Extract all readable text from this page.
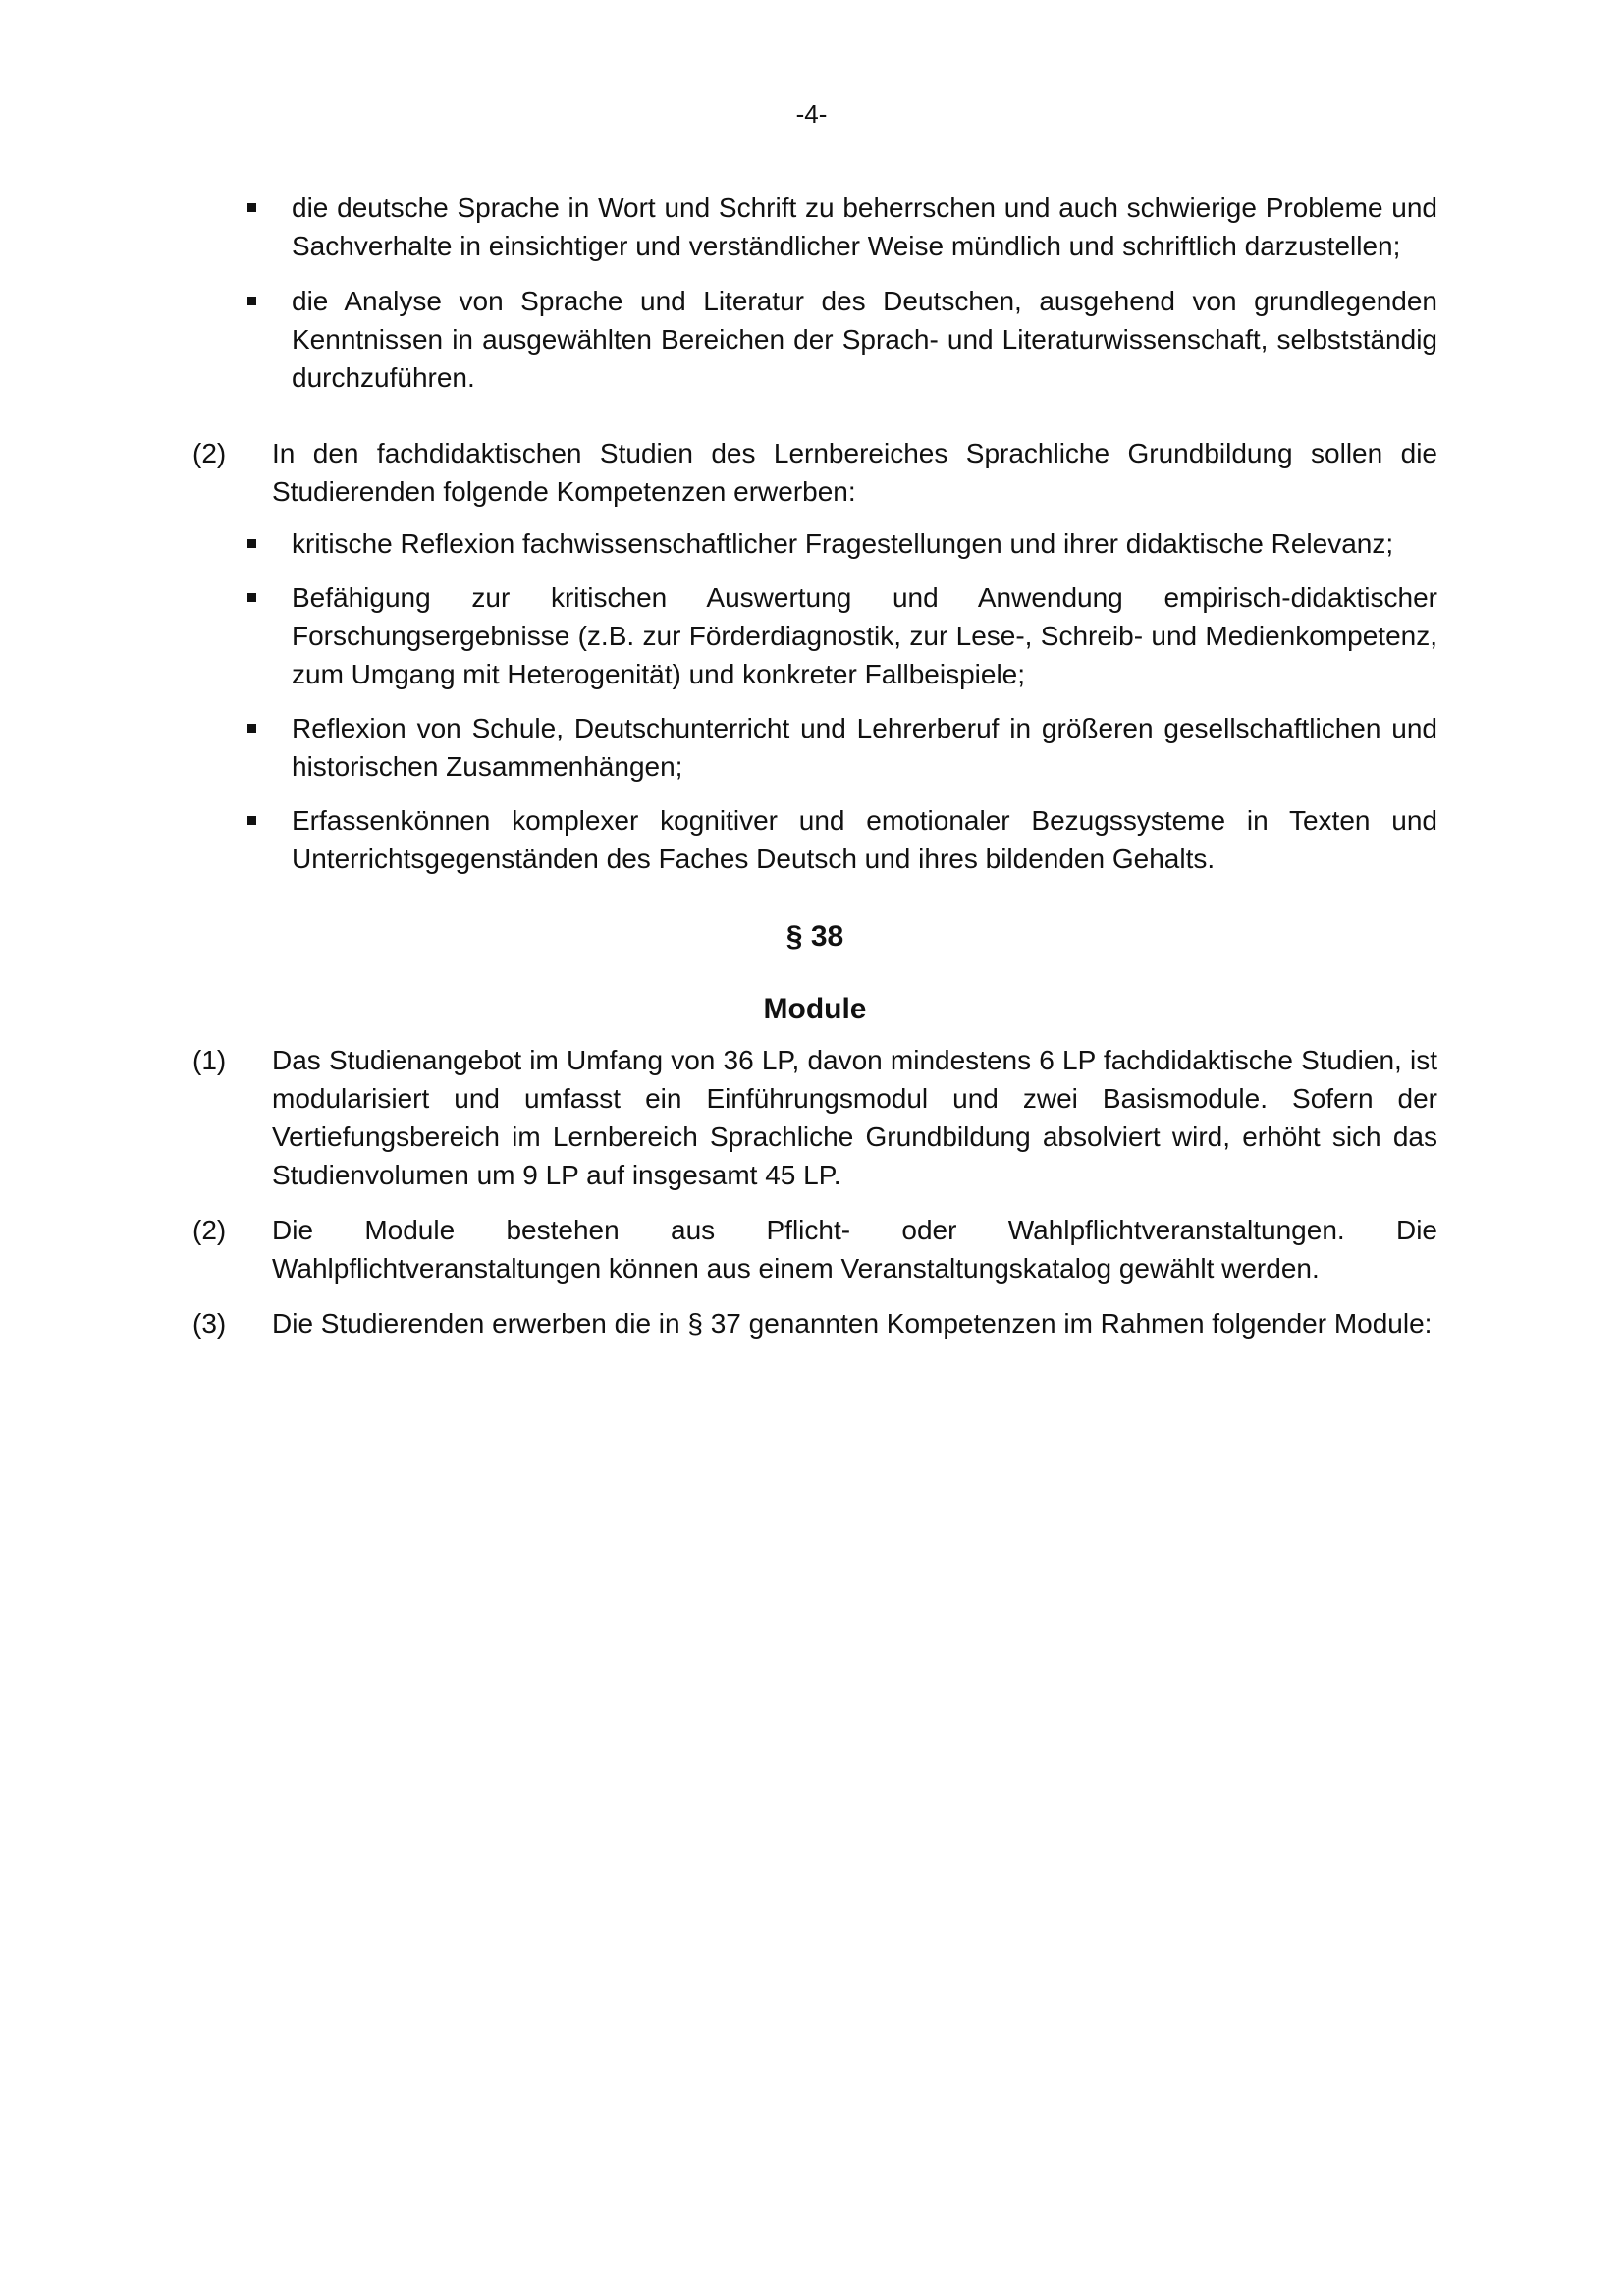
-4-
die deutsche Sprache in Wort und Schrift zu beherrschen und auch schwierige Probleme und Sachverhalte in einsichtiger und verständlicher Weise mündlich und schriftlich darzustellen;
die Analyse von Sprache und Literatur des Deutschen, ausgehend von grundlegenden Kenntnissen in ausgewählten Bereichen der Sprach- und Literaturwissenschaft, selbstständig durchzuführen.
(2) In den fachdidaktischen Studien des Lernbereiches Sprachliche Grundbildung sollen die Studierenden folgende Kompetenzen erwerben:
kritische Reflexion fachwissenschaftlicher Fragestellungen und ihrer didaktische Relevanz;
Befähigung zur kritischen Auswertung und Anwendung empirisch-didaktischer Forschungsergebnisse (z.B. zur Förderdiagnostik, zur Lese-, Schreib- und Medienkompetenz, zum Umgang mit Heterogenität) und konkreter Fallbeispiele;
Reflexion von Schule, Deutschunterricht und Lehrerberuf in größeren gesellschaftlichen und historischen Zusammenhängen;
Erfassenkönnen komplexer kognitiver und emotionaler Bezugssysteme in Texten und Unterrichtsgegenständen des Faches Deutsch und ihres bildenden Gehalts.
§ 38
Module
(1) Das Studienangebot im Umfang von 36 LP, davon mindestens 6 LP fachdidaktische Studien, ist modularisiert und umfasst ein Einführungsmodul und zwei Basismodule. Sofern der Vertiefungsbereich im Lernbereich Sprachliche Grundbildung absolviert wird, erhöht sich das Studienvolumen um 9 LP auf insgesamt 45 LP.
(2) Die Module bestehen aus Pflicht- oder Wahlpflichtveranstaltungen. Die Wahlpflichtveranstaltungen können aus einem Veranstaltungskatalog gewählt werden.
(3) Die Studierenden erwerben die in § 37 genannten Kompetenzen im Rahmen folgender Module:
